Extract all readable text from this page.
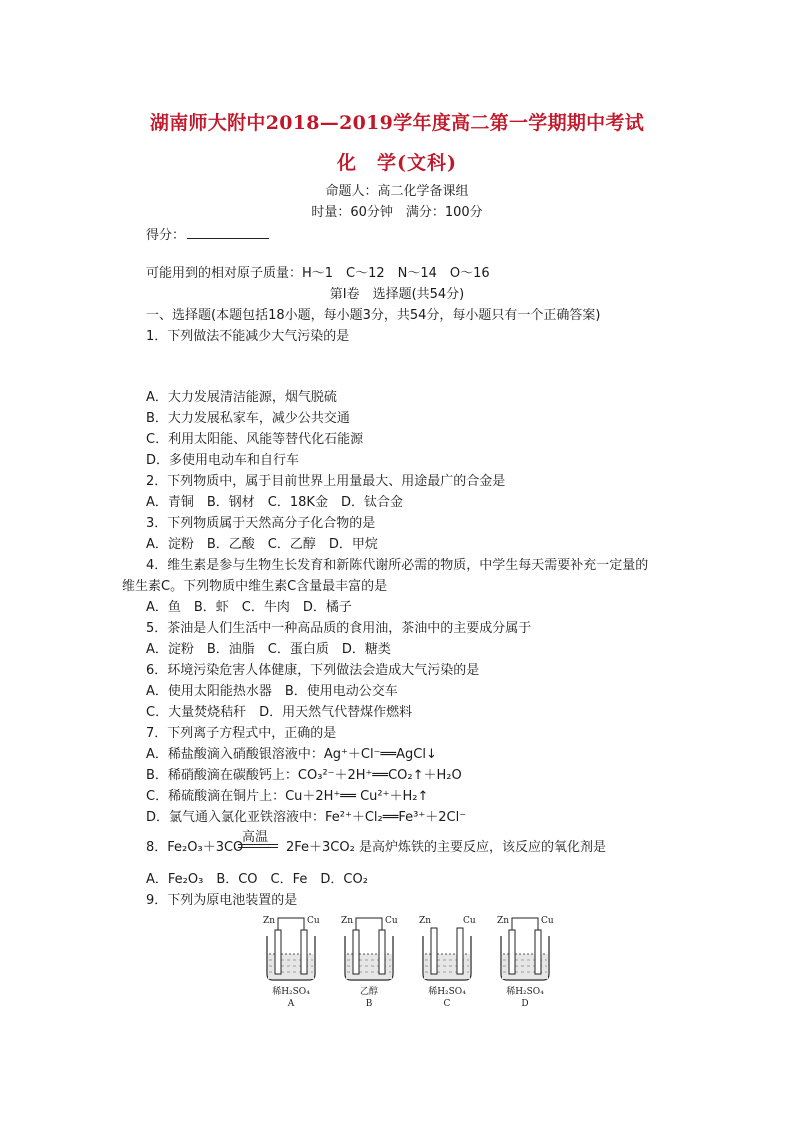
湖南师大附中2018—2019学年度高二第一学期期中考试
化　学(文科)
命题人：高二化学备课组
时量：60分钟　满分：100分
得分：
可能用到的相对原子质量：H～1　C～12　N～14　O～16
第Ⅰ卷　选择题(共54分)
一、选择题(本题包括18小题，每小题3分，共54分，每小题只有一个正确答案)
1．下列做法不能减少大气污染的是
A．大力发展清洁能源，烟气脱硫
B．大力发展私家车，减少公共交通
C．利用太阳能、风能等替代化石能源
D．多使用电动车和自行车
2．下列物质中，属于目前世界上用量最大、用途最广的合金是
A．青铜　B．钢材　C．18K金　D．钛合金
3．下列物质属于天然高分子化合物的是
A．淀粉　B．乙酸　C．乙醇　D．甲烷
4．维生素是参与生物生长发育和新陈代谢所必需的物质，中学生每天需要补充一定量的
维生素C。下列物质中维生素C含量最丰富的是
A．鱼　B．虾　C．牛肉　D．橘子
5．茶油是人们生活中一种高品质的食用油，茶油中的主要成分属于
A．淀粉　B．油脂　C．蛋白质　D．糖类
6．环境污染危害人体健康，下列做法会造成大气污染的是
A．使用太阳能热水器　B．使用电动公交车
C．大量焚烧秸秆　D．用天然气代替煤作燃料
7．下列离子方程式中，正确的是
A．稀盐酸滴入硝酸银溶液中：Ag⁺＋Cl⁻══AgCl↓
B．稀硝酸滴在碳酸钙上：CO₃²⁻＋2H⁺══CO₂↑＋H₂O
C．稀硫酸滴在铜片上：Cu＋2H⁺══ Cu²⁺＋H₂↑
D．氯气通入氯化亚铁溶液中：Fe²⁺＋Cl₂══Fe³⁺＋2Cl⁻
8．Fe₂O₃＋3CO
高温
2Fe＋3CO₂ 是高炉炼铁的主要反应，该反应的氧化剂是
A．Fe₂O₃　B．CO　C．Fe　D．CO₂
9．下列为原电池装置的是
Zn	Cu
稀H₂SO₄
A
Zn	Cu
乙醇
B
Zn	Cu
稀H₂SO₄
C
Zn	Cu
稀H₂SO₄
D
